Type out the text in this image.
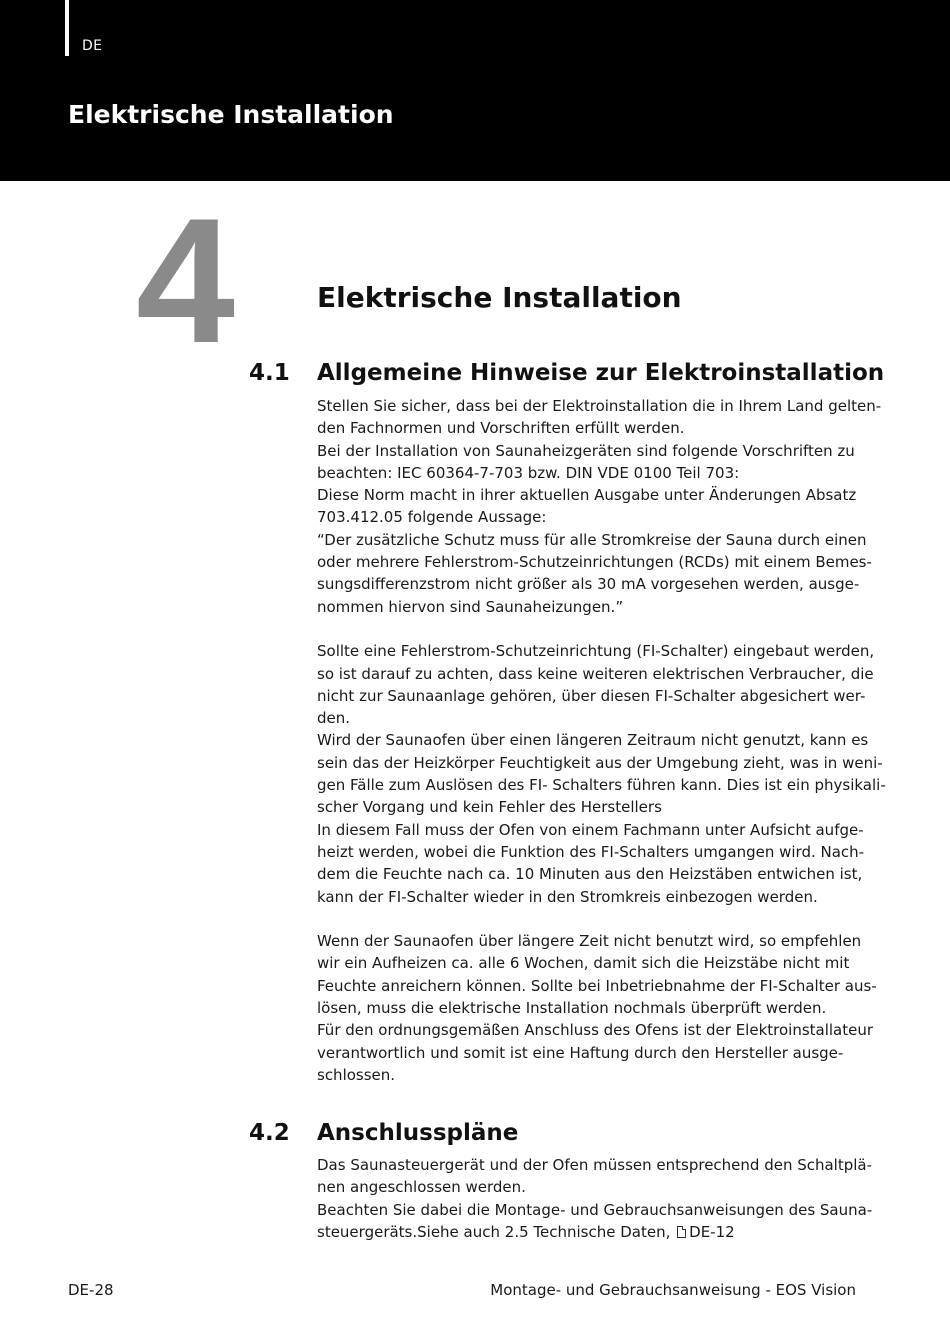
DE
Elektrische Installation
4	Elektrische Installation
4.1 Allgemeine Hinweise zur Elektroinstallation

Stellen Sie sicher, dass bei der Elektroinstallation die in Ihrem Land gelten-

den Fachnormen und Vorschriften erfüllt werden.

Bei der Installation von Saunaheizgeräten sind folgende Vorschriften zu

beachten: IEC 60364-7-703 bzw. DIN VDE 0100 Teil 703:

Diese Norm macht in ihrer aktuellen Ausgabe unter Änderungen Absatz

703.412.05 folgende Aussage:

“Der zusätzliche Schutz muss für alle Stromkreise der Sauna durch einen

oder mehrere Fehlerstrom-Schutzeinrichtungen (RCDs) mit einem Bemes-

sungsdifferenzstrom nicht größer als 30 mA vorgesehen werden, ausge-

nommen hiervon sind Saunaheizungen.”

Sollte eine Fehlerstrom-Schutzeinrichtung (FI-Schalter) eingebaut werden,

so ist darauf zu achten, dass keine weiteren elektrischen Verbraucher, die

nicht zur Saunaanlage gehören, über diesen FI-Schalter abgesichert wer-

den.

Wird der Saunaofen über einen längeren Zeitraum nicht genutzt, kann es

sein das der Heizkörper Feuchtigkeit aus der Umgebung zieht, was in weni-

gen Fälle zum Auslösen des FI- Schalters führen kann. Dies ist ein physikali-

scher Vorgang und kein Fehler des Herstellers

In diesem Fall muss der Ofen von einem Fachmann unter Aufsicht aufge-

heizt werden, wobei die Funktion des FI-Schalters umgangen wird. Nach-

dem die Feuchte nach ca. 10 Minuten aus den Heizstäben entwichen ist,

kann der FI-Schalter wieder in den Stromkreis einbezogen werden.

Wenn der Saunaofen über längere Zeit nicht benutzt wird, so empfehlen

wir ein Aufheizen ca. alle 6 Wochen, damit sich die Heizstäbe nicht mit

Feuchte anreichern können. Sollte bei Inbetriebnahme der FI-Schalter aus-

lösen, muss die elektrische Installation nochmals überprüft werden.

Für den ordnungsgemäßen Anschluss des Ofens ist der Elektroinstallateur

verantwortlich und somit ist eine Haftung durch den Hersteller ausge-

schlossen.

4.2 Anschlusspläne

Das Saunasteuergerät und der Ofen müssen entsprechend den Schaltplä-

nen angeschlossen werden.

Beachten Sie dabei die Montage- und Gebrauchsanweisungen des Sauna-

steuergeräts.Siehe auch 2.5 Technische Daten, DE-12

DE-28	Montage- und Gebrauchsanweisung - EOS Vision
